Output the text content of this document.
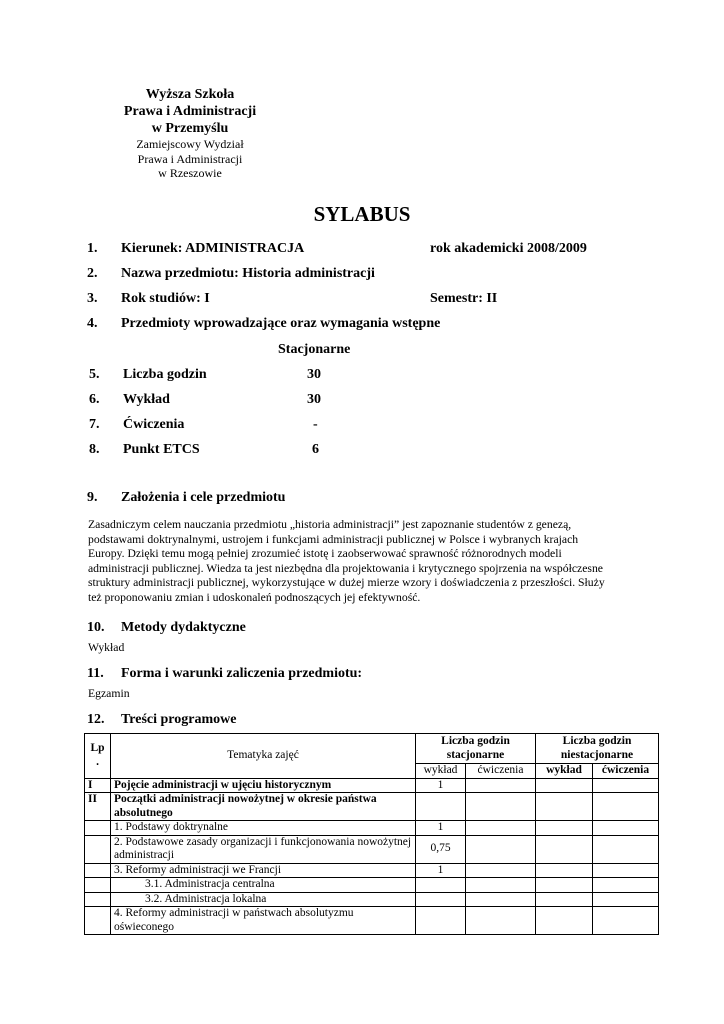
Wyższa Szkoła
Prawa i Administracji
w Przemyślu
Zamiejscowy Wydział
Prawa i Administracji
w Rzeszowie
SYLABUS
1. Kierunek: ADMINISTRACJA	rok akademicki 2008/2009
2. Nazwa przedmiotu: Historia administracji
3. Rok studiów: I	Semestr: II
4. Przedmioty wprowadzające oraz wymagania wstępne
Stacjonarne
5. Liczba godzin	30
6. Wykład	30
7. Ćwiczenia	-
8. Punkt ETCS	6
9. Założenia i cele przedmiotu
Zasadniczym celem nauczania przedmiotu „historia administracji” jest zapoznanie studentów z genezą,
podstawami doktrynalnymi, ustrojem i funkcjami administracji publicznej w Polsce i wybranych krajach
Europy. Dzięki temu mogą pełniej zrozumieć istotę i zaobserwować sprawność różnorodnych modeli
administracji publicznej. Wiedza ta jest niezbędna dla projektowania i krytycznego spojrzenia na współczesne
struktury administracji publicznej, wykorzystujące w dużej mierze wzory i doświadczenia z przeszłości. Służy
też proponowaniu zmian i udoskonaleń podnoszących jej efektywność.
10. Metody dydaktyczne
Wykład
11. Forma i warunki zaliczenia przedmiotu:
Egzamin
12. Treści programowe
Lp .	Tematyka zajęć	Liczba godzin stacjonarne		Liczba godzin niestacjonarne	
		wykład	ćwiczenia	wykład	ćwiczenia
I	Pojęcie administracji w ujęciu historycznym	1			
II	Początki administracji nowożytnej w okresie państwa absolutnego				
	1. Podstawy doktrynalne	1			
	2. Podstawowe zasady organizacji i funkcjonowania nowożytnej administracji	0,75			
	3. Reformy administracji we Francji	1			
	3.1. Administracja centralna				
	3.2. Administracja lokalna				
	4. Reformy administracji w państwach absolutyzmu oświeconego				
